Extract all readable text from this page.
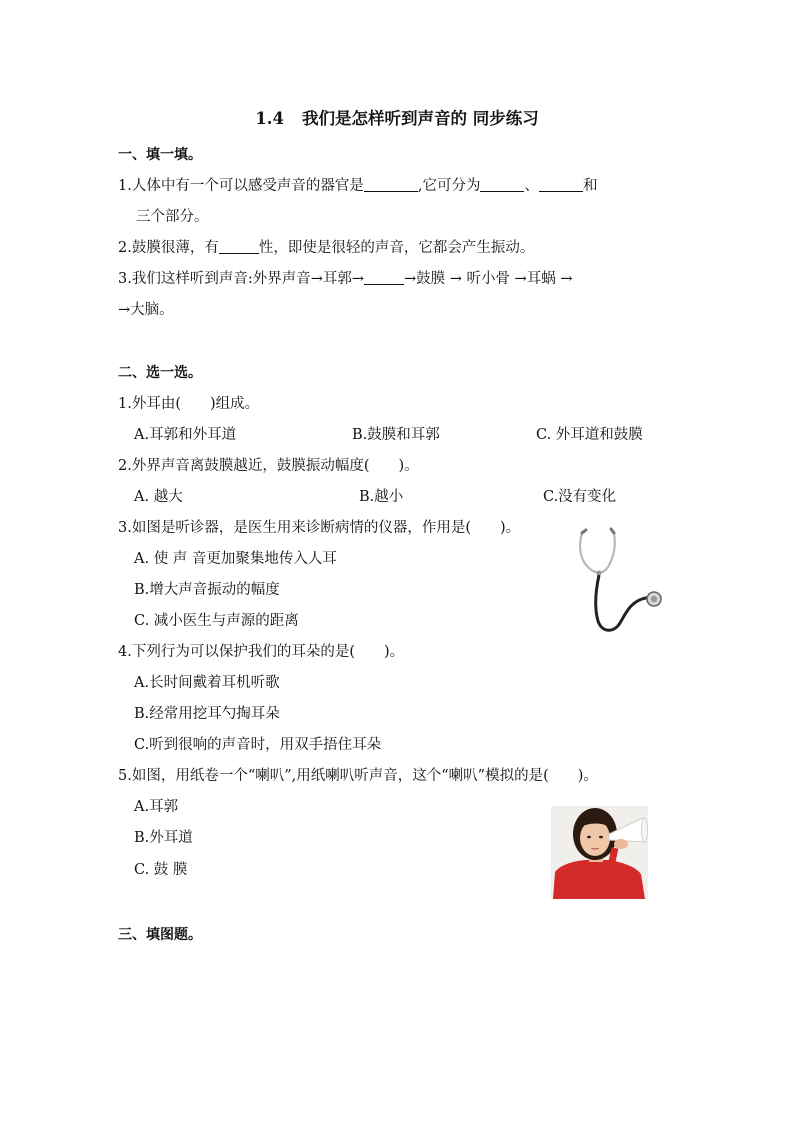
1.4 我们是怎样听到声音的 同步练习
一、填一填。
1.人体中有一个可以感受声音的器官是	,它可分为	、	和
三个部分。
2.鼓膜很薄，有	性，即使是很轻的声音，它都会产生振动。
3.我们这样听到声音:外界声音→耳郭→	→鼓膜 → 听小骨 →耳蜗 →
→大脑。
二、选一选。
1.外耳由(　　)组成。
A.耳郭和外耳道	B.鼓膜和耳郭	C. 外耳道和鼓膜
2.外界声音离鼓膜越近，鼓膜振动幅度(　　)。
A. 越大	B.越小	C.没有变化
3.如图是听诊器，是医生用来诊断病情的仪器，作用是(　　)。
A. 使 声 音更加聚集地传入人耳
B.增大声音振动的幅度
C. 减小医生与声源的距离
4.下列行为可以保护我们的耳朵的是(　　)。
A.长时间戴着耳机听歌
B.经常用挖耳勺掏耳朵
C.听到很响的声音时，用双手捂住耳朵
5.如图，用纸卷一个“喇叭”,用纸喇叭听声音，这个“喇叭”模拟的是(　　)。
A.耳郭
B.外耳道
C. 鼓 膜
三、填图题。
